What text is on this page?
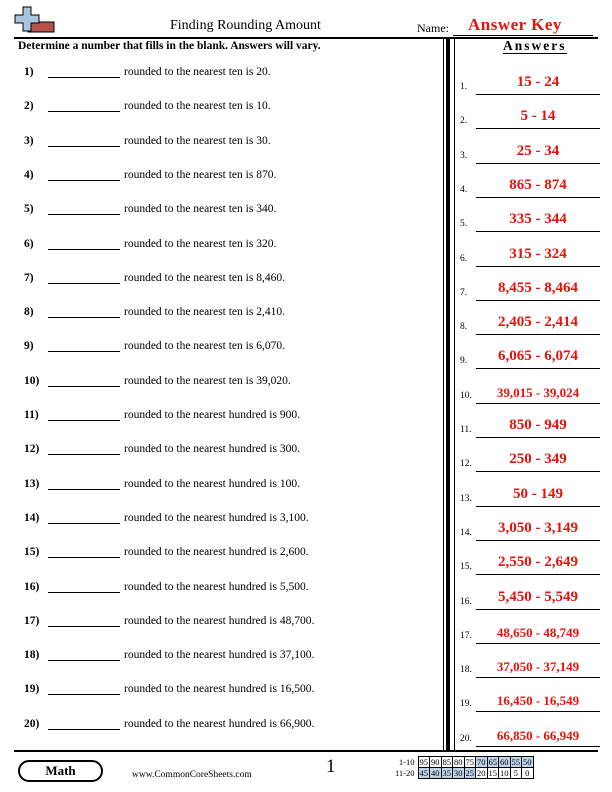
Finding Rounding Amount	Name: Answer Key
Determine a number that fills in the blank. Answers will vary.	Answers
1)	rounded to the nearest ten is 20.
2)	rounded to the nearest ten is 10.
3)	rounded to the nearest ten is 30.
4)	rounded to the nearest ten is 870.
5)	rounded to the nearest ten is 340.
6)	rounded to the nearest ten is 320.
7)	rounded to the nearest ten is 8,460.
8)	rounded to the nearest ten is 2,410.
9)	rounded to the nearest ten is 6,070.
10)	rounded to the nearest ten is 39,020.
11)	rounded to the nearest hundred is 900.
12)	rounded to the nearest hundred is 300.
13)	rounded to the nearest hundred is 100.
14)	rounded to the nearest hundred is 3,100.
15)	rounded to the nearest hundred is 2,600.
16)	rounded to the nearest hundred is 5,500.
17)	rounded to the nearest hundred is 48,700.
18)	rounded to the nearest hundred is 37,100.
19)	rounded to the nearest hundred is 16,500.
20)	rounded to the nearest hundred is 66,900.
1.	15 - 24
2.	5 - 14
3.	25 - 34
4.	865 - 874
5.	335 - 344
6.	315 - 324
7.	8,455 - 8,464
8.	2,405 - 2,414
9.	6,065 - 6,074
10.	39,015 - 39,024
11.	850 - 949
12.	250 - 349
13.	50 - 149
14.	3,050 - 3,149
15.	2,550 - 2,649
16.	5,450 - 5,549
17.	48,650 - 48,749
18.	37,050 - 37,149
19.	16,450 - 16,549
20.	66,850 - 66,949
Math	www.CommonCoreSheets.com	1	1-10	95	90	85	80	75	70	65	60	55	50
11-20	45	40	35	30	25	20	15	10	5	0
